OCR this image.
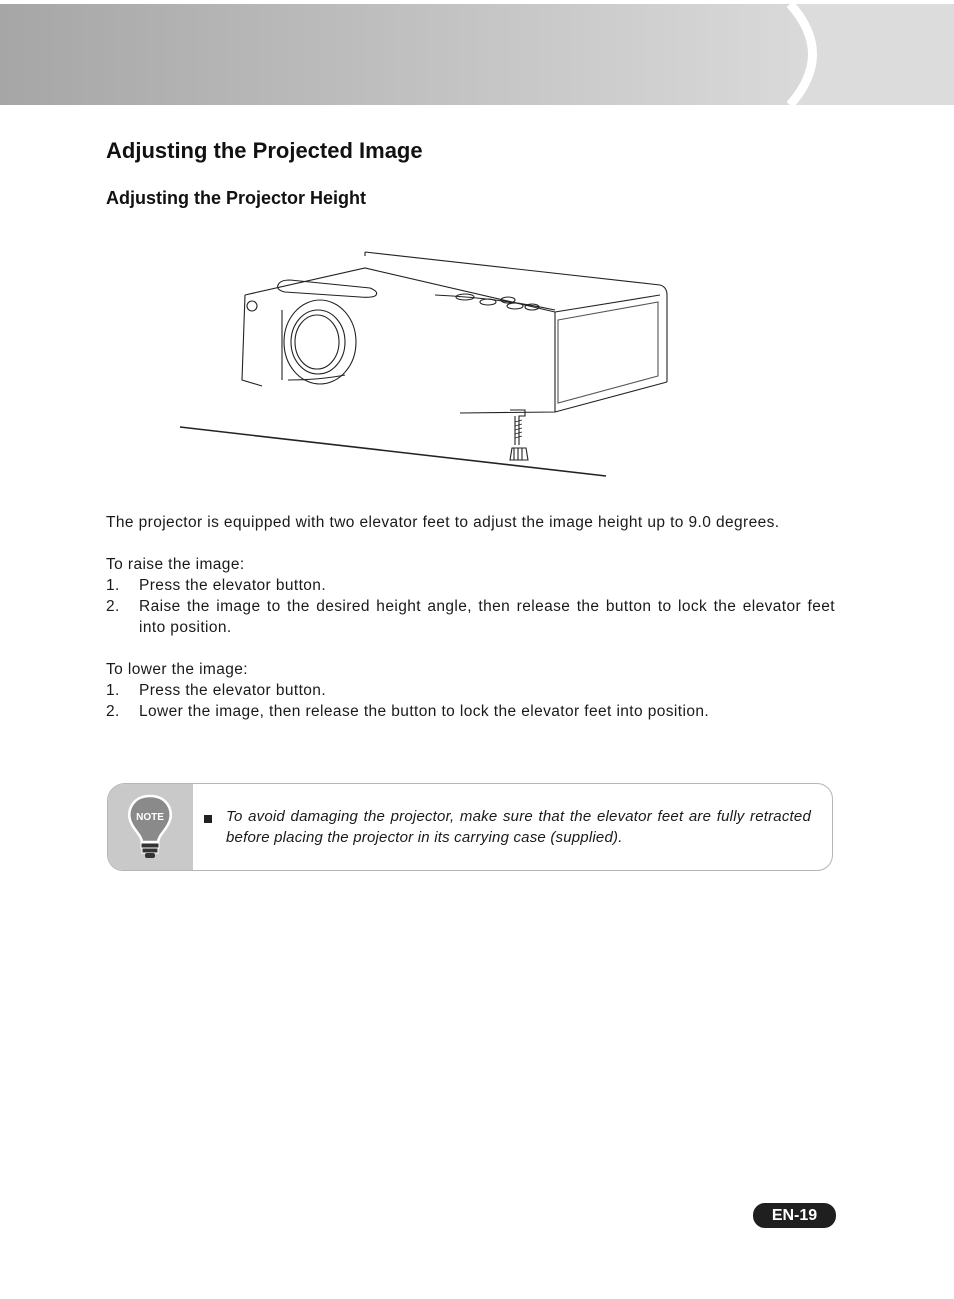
Adjusting the Projected Image
Adjusting the Projector Height

The projector is equipped with two elevator feet to adjust the image height up to 9.0 degrees.

To raise the image:

1.	Press the elevator button.
2.	Raise the image to the desired height angle, then release the button to lock the elevator feet into position.

To lower the image:

1.	Press the elevator button.
2.	Lower the image, then release the button to lock the elevator feet into position.
NOTE	To avoid damaging the projector, make sure that the elevator feet are fully retracted before placing the projector in its carrying case (supplied).

EN-19
